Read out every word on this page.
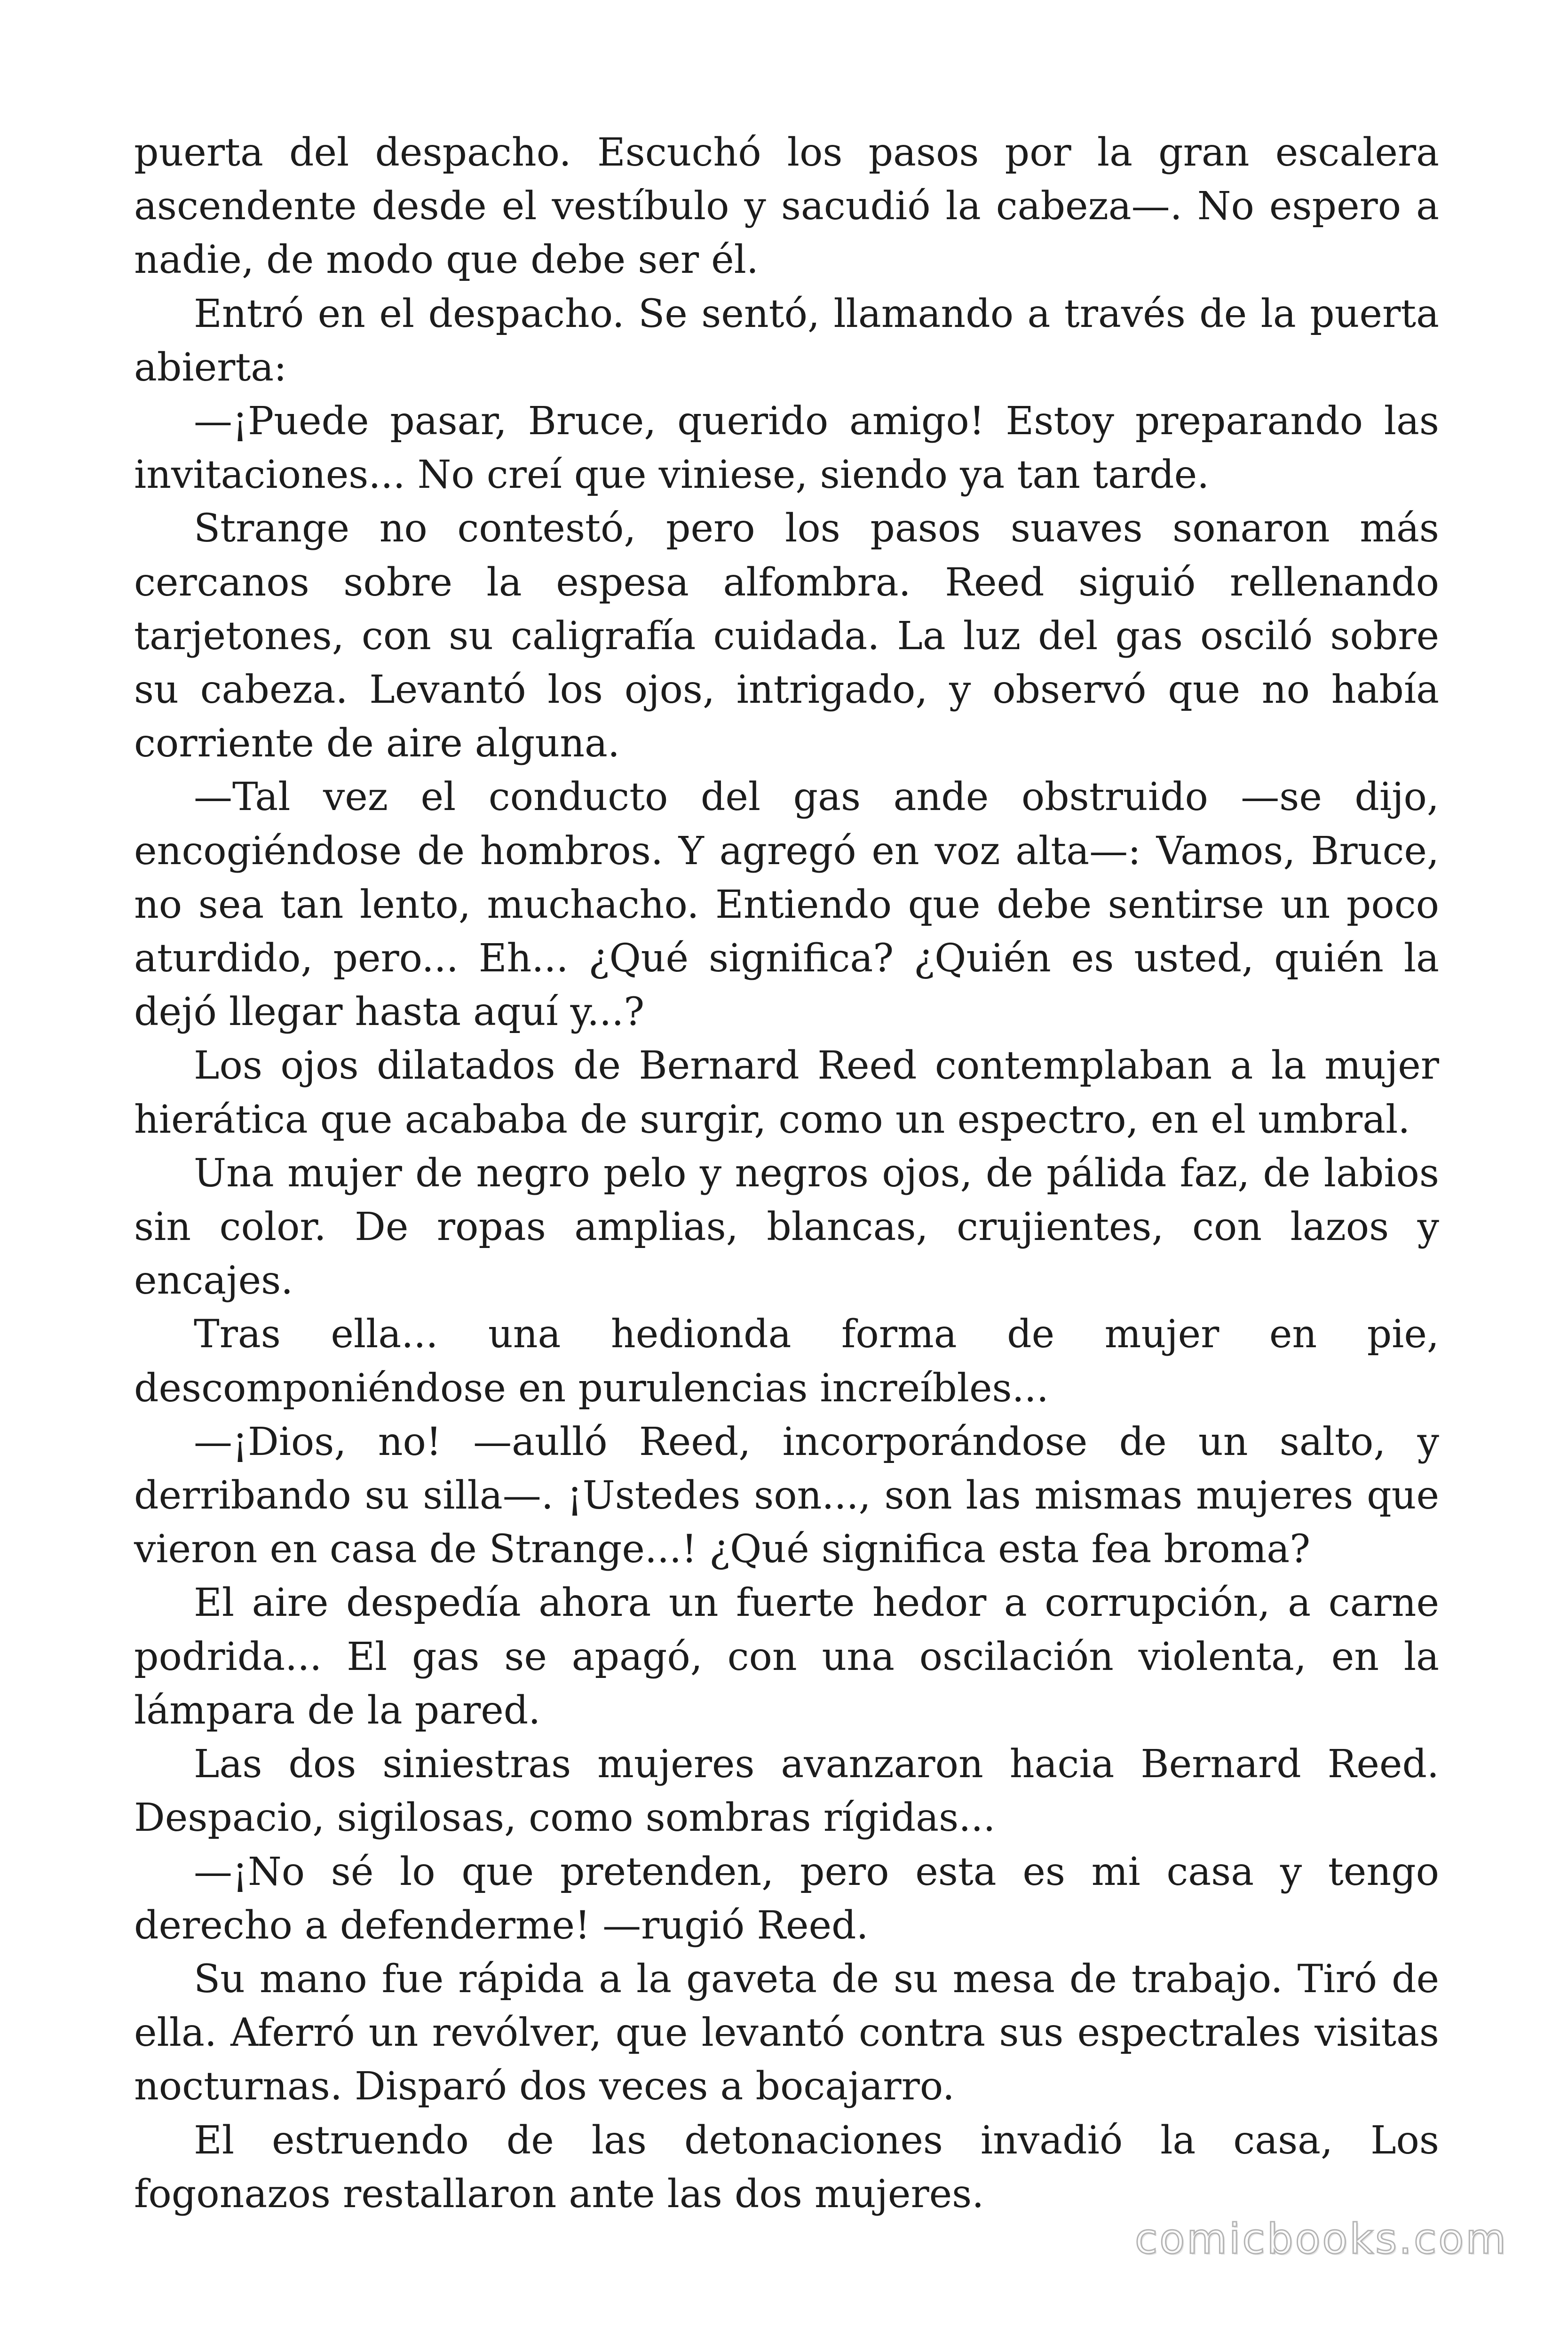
puerta del despacho. Escuchó los pasos por la gran escalera ascendente desde el vestíbulo y sacudió la cabeza—. No espero a nadie, de modo que debe ser él.

Entró en el despacho. Se sentó, llamando a través de la puerta abierta:

—¡Puede pasar, Bruce, querido amigo! Estoy preparando las invitaciones... No creí que viniese, siendo ya tan tarde.

Strange no contestó, pero los pasos suaves sonaron más cercanos sobre la espesa alfombra. Reed siguió rellenando tarjetones, con su caligrafía cuidada. La luz del gas osciló sobre su cabeza. Levantó los ojos, intrigado, y observó que no había corriente de aire alguna.

—Tal vez el conducto del gas ande obstruido —se dijo, encogiéndose de hombros. Y agregó en voz alta—: Vamos, Bruce, no sea tan lento, muchacho. Entiendo que debe sentirse un poco aturdido, pero... Eh... ¿Qué significa? ¿Quién es usted, quién la dejó llegar hasta aquí y...?

Los ojos dilatados de Bernard Reed contemplaban a la mujer hierática que acababa de surgir, como un espectro, en el umbral.

Una mujer de negro pelo y negros ojos, de pálida faz, de labios sin color. De ropas amplias, blancas, crujientes, con lazos y encajes.

Tras ella... una hedionda forma de mujer en pie, descomponiéndose en purulencias increíbles...

—¡Dios, no! —aulló Reed, incorporándose de un salto, y derribando su silla—. ¡Ustedes son..., son las mismas mujeres que vieron en casa de Strange...! ¿Qué significa esta fea broma?

El aire despedía ahora un fuerte hedor a corrupción, a carne podrida... El gas se apagó, con una oscilación violenta, en la lámpara de la pared.

Las dos siniestras mujeres avanzaron hacia Bernard Reed. Despacio, sigilosas, como sombras rígidas...

—¡No sé lo que pretenden, pero esta es mi casa y tengo derecho a defenderme! —rugió Reed.

Su mano fue rápida a la gaveta de su mesa de trabajo. Tiró de ella. Aferró un revólver, que levantó contra sus espectrales visitas nocturnas. Disparó dos veces a bocajarro.

El estruendo de las detonaciones invadió la casa, Los fogonazos restallaron ante las dos mujeres.

comicbooks.com
